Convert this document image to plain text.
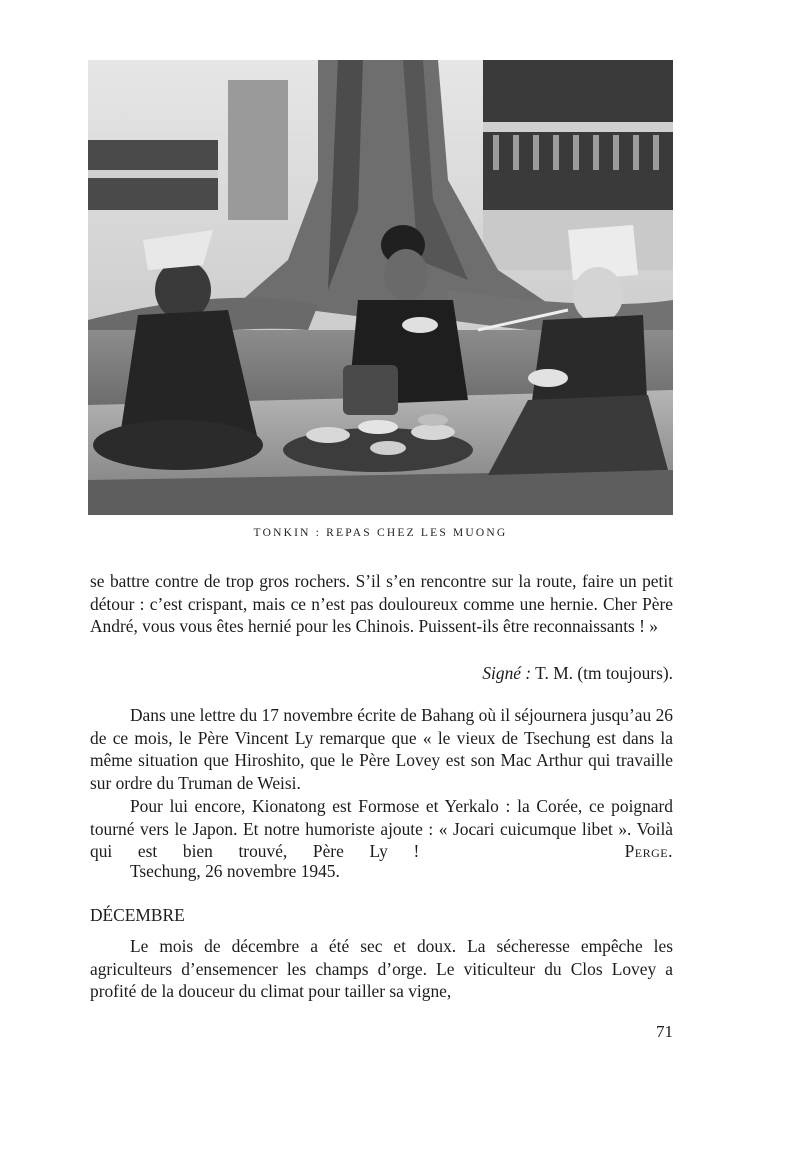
TONKIN : REPAS CHEZ LES MUONG

se battre contre de trop gros rochers. S’il s’en rencontre sur la route, faire un petit détour : c’est crispant, mais ce n’est pas douloureux comme une hernie. Cher Père André, vous vous êtes hernié pour les Chinois. Puissent-ils être reconnaissants ! »

Signé : T. M. (tm toujours).

Dans une lettre du 17 novembre écrite de Bahang où il séjournera jusqu’au 26 de ce mois, le Père Vincent Ly remarque que « le vieux de Tsechung est dans la même situation que Hiroshito, que le Père Lovey est son Mac Arthur qui travaille sur ordre du Truman de Weisi.

Pour lui encore, Kionatong est Formose et Yerkalo : la Corée, ce poignard tourné vers le Japon. Et notre humoriste ajoute : « Jocari cuicumque libet ». Voilà qui est bien trouvé, Père Ly !	Perge.

Tsechung, 26 novembre 1945.

DÉCEMBRE

Le mois de décembre a été sec et doux. La sécheresse empêche les agriculteurs d’ensemencer les champs d’orge. Le viticulteur du Clos Lovey a profité de la douceur du climat pour tailler sa vigne,

71
